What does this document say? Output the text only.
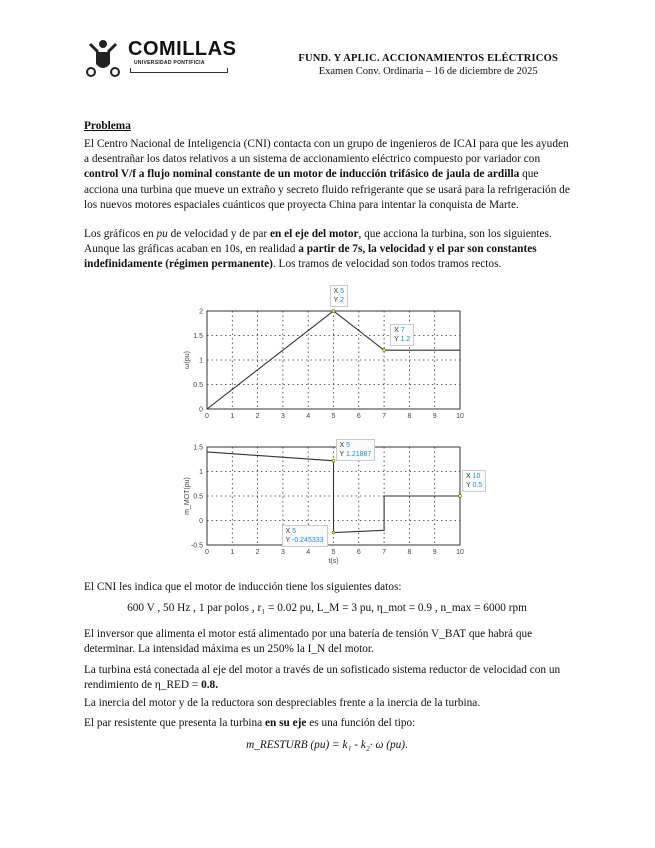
COMILLAS
UNIVERSIDAD PONTIFICIA	FUND. Y APLIC. ACCIONAMIENTOS ELÉCTRICOS
Examen Conv. Ordinaria – 16 de diciembre de 2025
Problema
El Centro Nacional de Inteligencia (CNI) contacta con un grupo de ingenieros de ICAI para que les ayuden a desentrañar los datos relativos a un sistema de accionamiento eléctrico compuesto por variador con control V/f a flujo nominal constante de un motor de inducción trifásico de jaula de ardilla que acciona una turbina que mueve un extraño y secreto fluido refrigerante que se usará para la refrigeración de los nuevos motores espaciales cuánticos que proyecta China para intentar la conquista de Marte.
Los gráficos en pu de velocidad y de par en el eje del motor, que acciona la turbina, son los siguientes. Aunque las gráficas acaban en 10s, en realidad a partir de 7s, la velocidad y el par son constantes indefinidamente (régimen permanente). Los tramos de velocidad son todos tramos rectos.
0	1	2	3	4	5	6	7	8	9	10
0
0.5
1
1.5
2
ω(pu)
0	1	2	3	4	5	6	7	8	9	10
-0.5
0
0.5
1
1.5
m_MOT(pu)
t(s)
X 5
Y 2
X 7
Y 1.2
X 5
Y 1.21887
X 5
Y -0.245333
X 10
Y 0.5
El CNI les indica que el motor de inducción tiene los siguientes datos:
600 V , 50 Hz , 1 par polos , r₁ = 0.02 pu, L_M = 3 pu, η_mot = 0.9 , n_max = 6000 rpm
El inversor que alimenta el motor está alimentado por una batería de tensión V_BAT que habrá que determinar. La intensidad máxima es un 250% la I_N del motor.
La turbina está conectada al eje del motor a través de un sofisticado sistema reductor de velocidad con un rendimiento de η_RED = 0.8.
La inercia del motor y de la reductora son despreciables frente a la inercia de la turbina.
El par resistente que presenta la turbina en su eje es una función del tipo:
m_RESTURB (pu) = k₁ - k₂· ω (pu).
